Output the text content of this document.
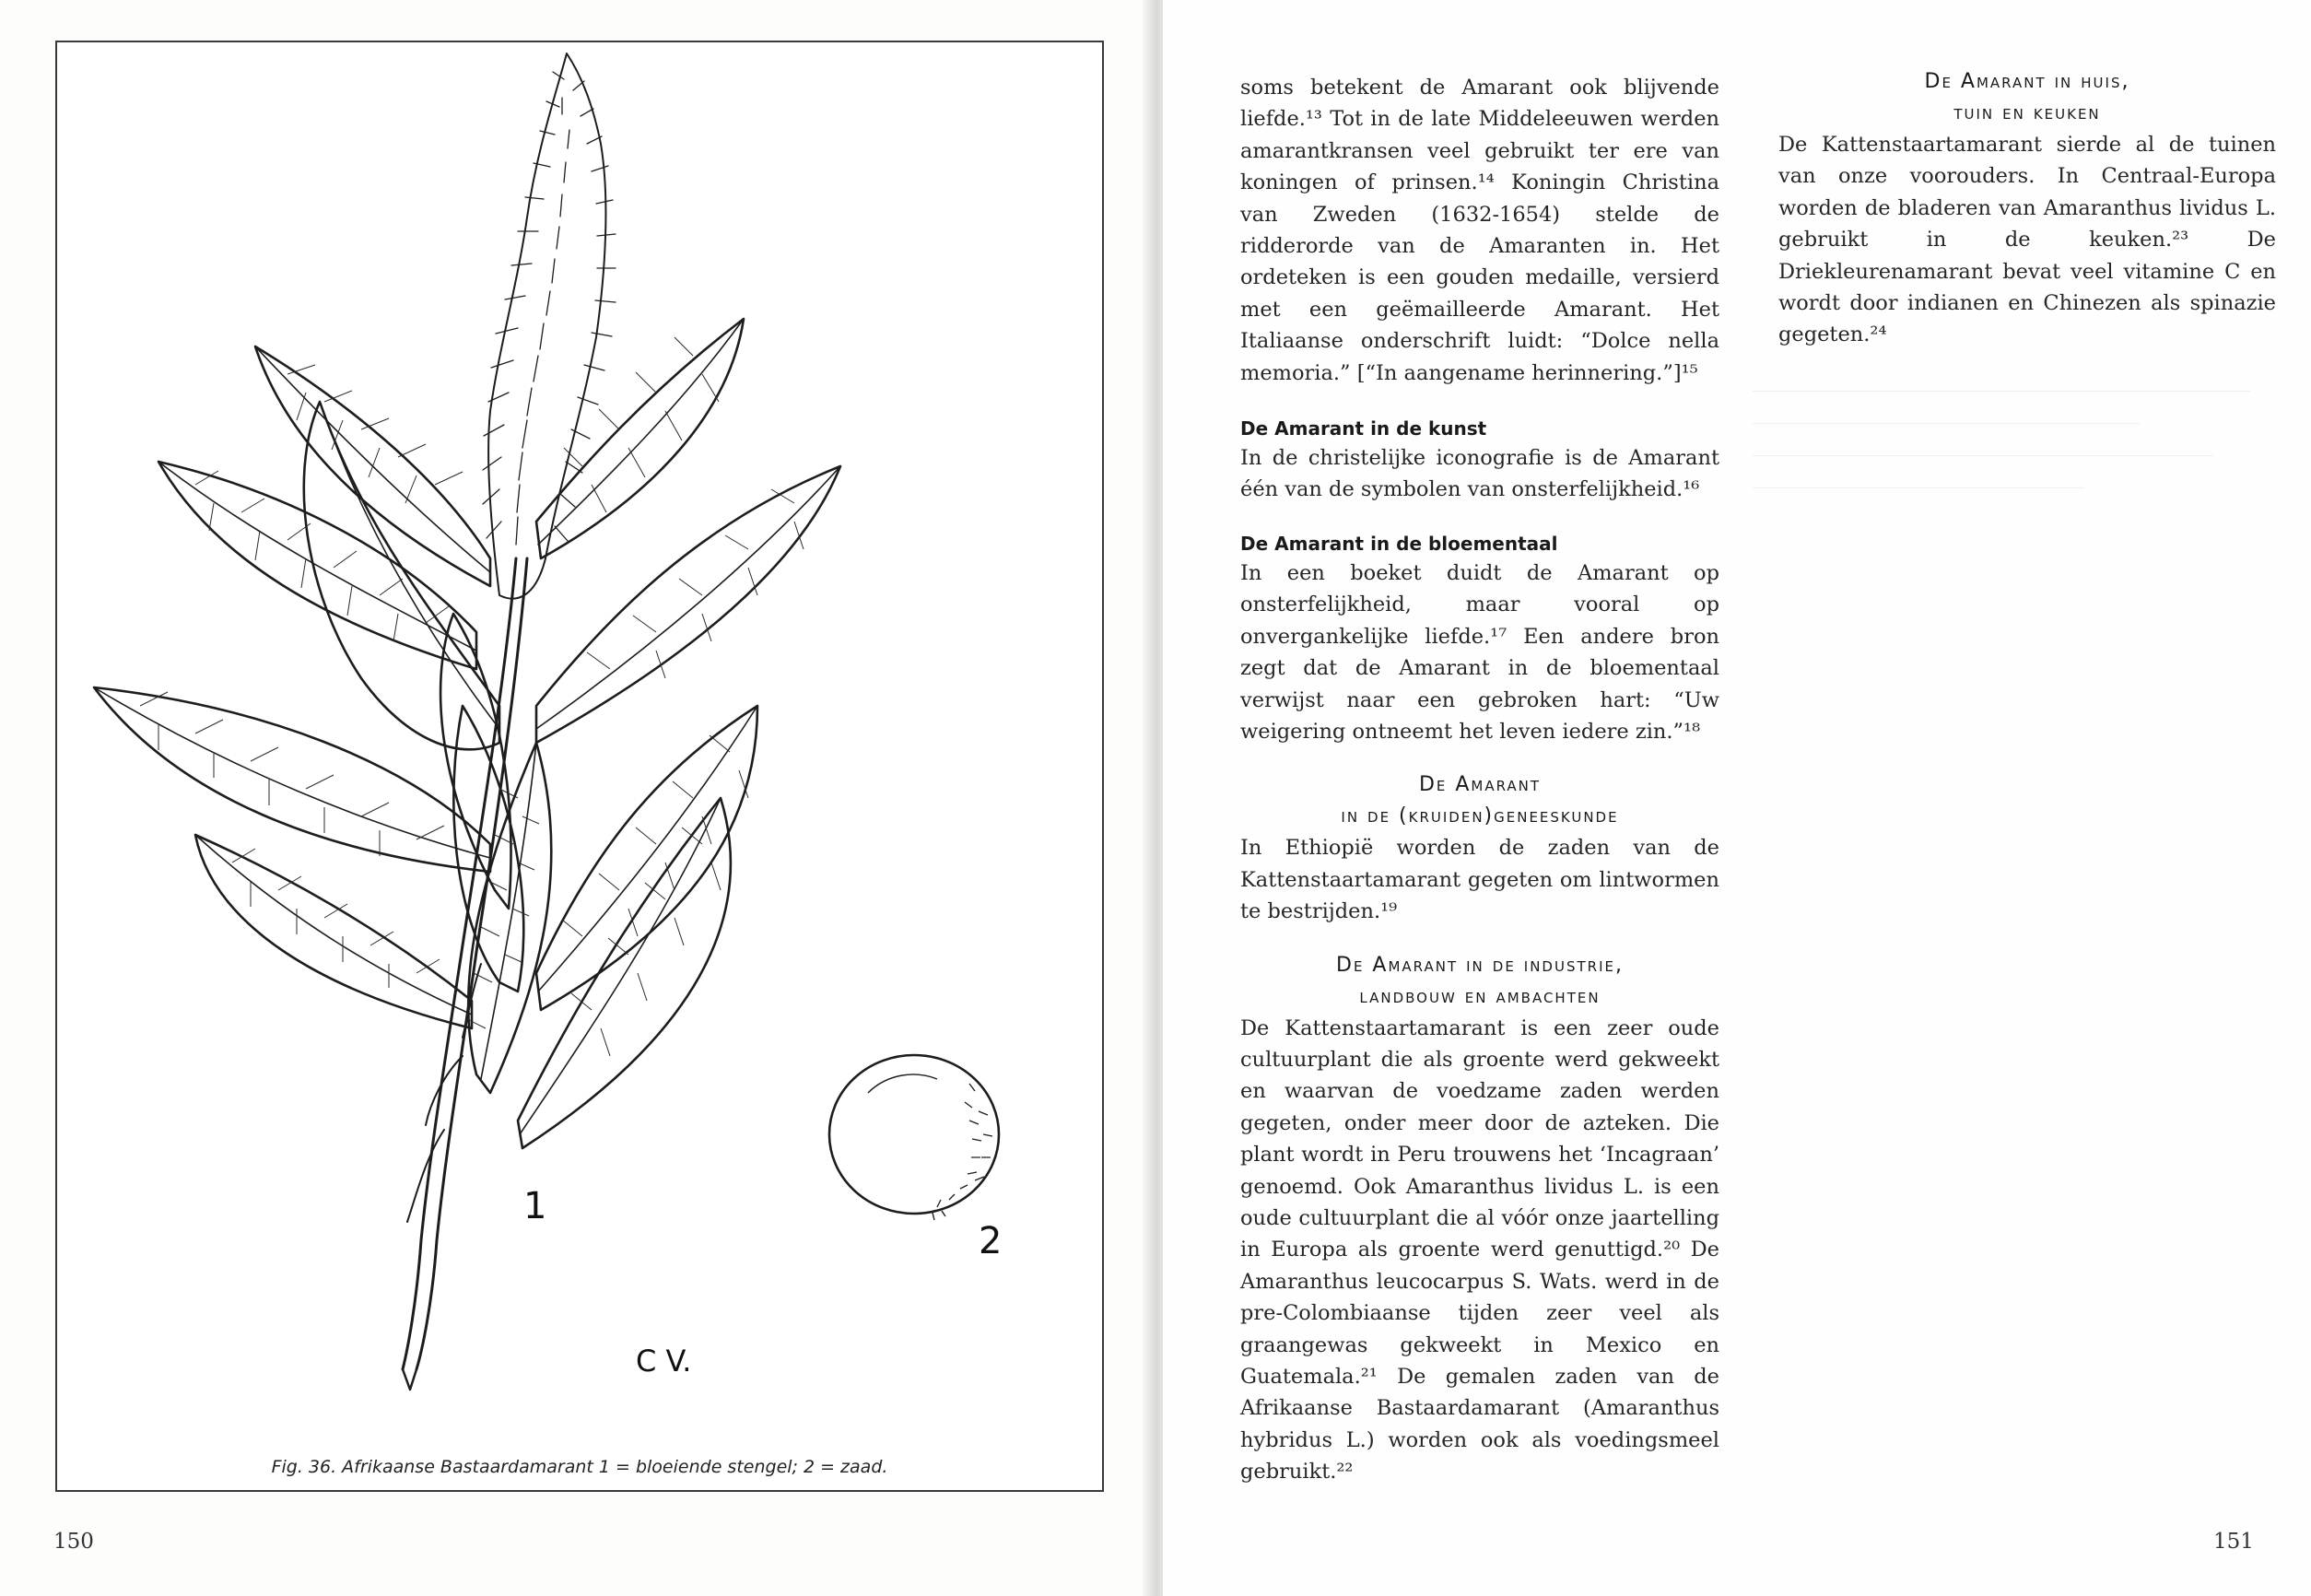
1
2
C V.
Fig. 36. Afrikaanse Bastaardamarant 1 = bloeiende stengel; 2 = zaad.
150

soms betekent de Amarant ook blijvende liefde.¹³ Tot in de late Middeleeuwen werden amarantkransen veel gebruikt ter ere van koningen of prinsen.¹⁴ Koningin Christina van Zweden (1632-1654) stelde de ridderorde van de Amaranten in. Het ordeteken is een gouden medaille, versierd met een geëmailleerde Amarant. Het Italiaanse onderschrift luidt: “Dolce nella memoria.” [“In aangename herinnering.”]¹⁵

De Amarant in de kunst

In de christelijke iconografie is de Amarant één van de symbolen van onsterfelijkheid.¹⁶

De Amarant in de bloementaal

In een boeket duidt de Amarant op onsterfelijkheid, maar vooral op onvergankelijke liefde.¹⁷ Een andere bron zegt dat de Amarant in de bloementaal verwijst naar een gebroken hart: “Uw weigering ontneemt het leven iedere zin.”¹⁸

De Amarant
in de (kruiden)geneeskunde

In Ethiopië worden de zaden van de Kattenstaartamarant gegeten om lintwormen te bestrijden.¹⁹

De Amarant in de industrie,
landbouw en ambachten

De Kattenstaartamarant is een zeer oude cultuurplant die als groente werd gekweekt en waarvan de voedzame zaden werden gegeten, onder meer door de azteken. Die plant wordt in Peru trouwens het ‘Incagraan’ genoemd. Ook Amaranthus lividus L. is een oude cultuurplant die al vóór onze jaartelling in Europa als groente werd genuttigd.²⁰ De Amaranthus leucocarpus S. Wats. werd in de pre-Colombiaanse tijden zeer veel als graangewas gekweekt in Mexico en Guatemala.²¹ De gemalen zaden van de Afrikaanse Bastaardamarant (Amaranthus hybridus L.) worden ook als voedingsmeel gebruikt.²²

De Amarant in huis,
tuin en keuken

De Kattenstaartamarant sierde al de tuinen van onze voorouders. In Centraal-Europa worden de bladeren van Amaranthus lividus L. gebruikt in de keuken.²³ De Driekleurenamarant bevat veel vitamine C en wordt door indianen en Chinezen als spinazie gegeten.²⁴

151
